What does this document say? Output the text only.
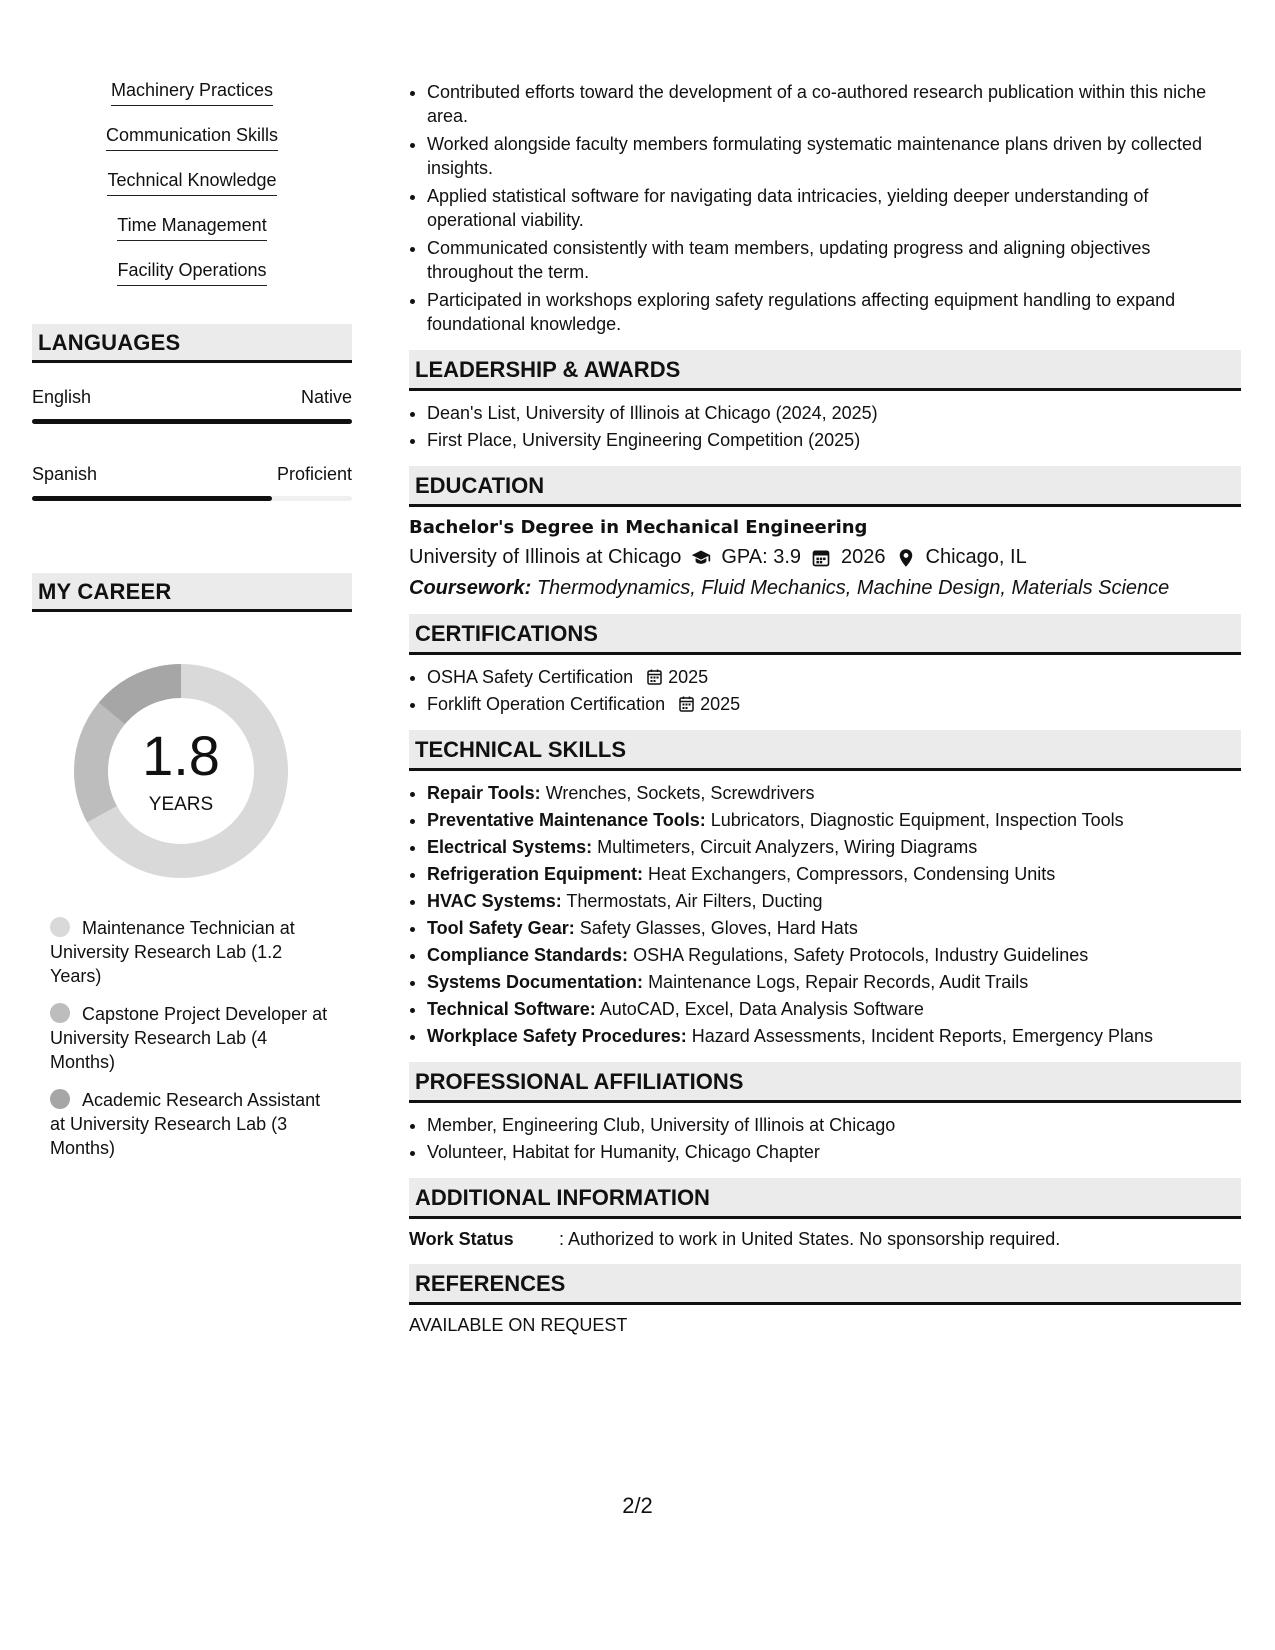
Machinery Practices
Communication Skills
Technical Knowledge
Time Management
Facility Operations
LANGUAGES
English	Native
Spanish	Proficient
MY CAREER
1.8
YEARS
Maintenance Technician at University Research Lab (1.2 Years)
Capstone Project Developer at University Research Lab (4 Months)
Academic Research Assistant at University Research Lab (3 Months)
• Contributed efforts toward the development of a co-authored research publication within this niche area.
• Worked alongside faculty members formulating systematic maintenance plans driven by collected insights.
• Applied statistical software for navigating data intricacies, yielding deeper understanding of operational viability.
• Communicated consistently with team members, updating progress and aligning objectives throughout the term.
• Participated in workshops exploring safety regulations affecting equipment handling to expand foundational knowledge.
LEADERSHIP & AWARDS
• Dean's List, University of Illinois at Chicago (2024, 2025)
• First Place, University Engineering Competition (2025)
EDUCATION
Bachelor's Degree in Mechanical Engineering
University of Illinois at Chicago GPA: 3.9 2026 Chicago, IL
Coursework: Thermodynamics, Fluid Mechanics, Machine Design, Materials Science
CERTIFICATIONS
• OSHA Safety Certification 2025
• Forklift Operation Certification 2025
TECHNICAL SKILLS
• Repair Tools: Wrenches, Sockets, Screwdrivers
• Preventative Maintenance Tools: Lubricators, Diagnostic Equipment, Inspection Tools
• Electrical Systems: Multimeters, Circuit Analyzers, Wiring Diagrams
• Refrigeration Equipment: Heat Exchangers, Compressors, Condensing Units
• HVAC Systems: Thermostats, Air Filters, Ducting
• Tool Safety Gear: Safety Glasses, Gloves, Hard Hats
• Compliance Standards: OSHA Regulations, Safety Protocols, Industry Guidelines
• Systems Documentation: Maintenance Logs, Repair Records, Audit Trails
• Technical Software: AutoCAD, Excel, Data Analysis Software
• Workplace Safety Procedures: Hazard Assessments, Incident Reports, Emergency Plans
PROFESSIONAL AFFILIATIONS
• Member, Engineering Club, University of Illinois at Chicago
• Volunteer, Habitat for Humanity, Chicago Chapter
ADDITIONAL INFORMATION
Work Status	: Authorized to work in United States. No sponsorship required.
REFERENCES
AVAILABLE ON REQUEST
2/2
